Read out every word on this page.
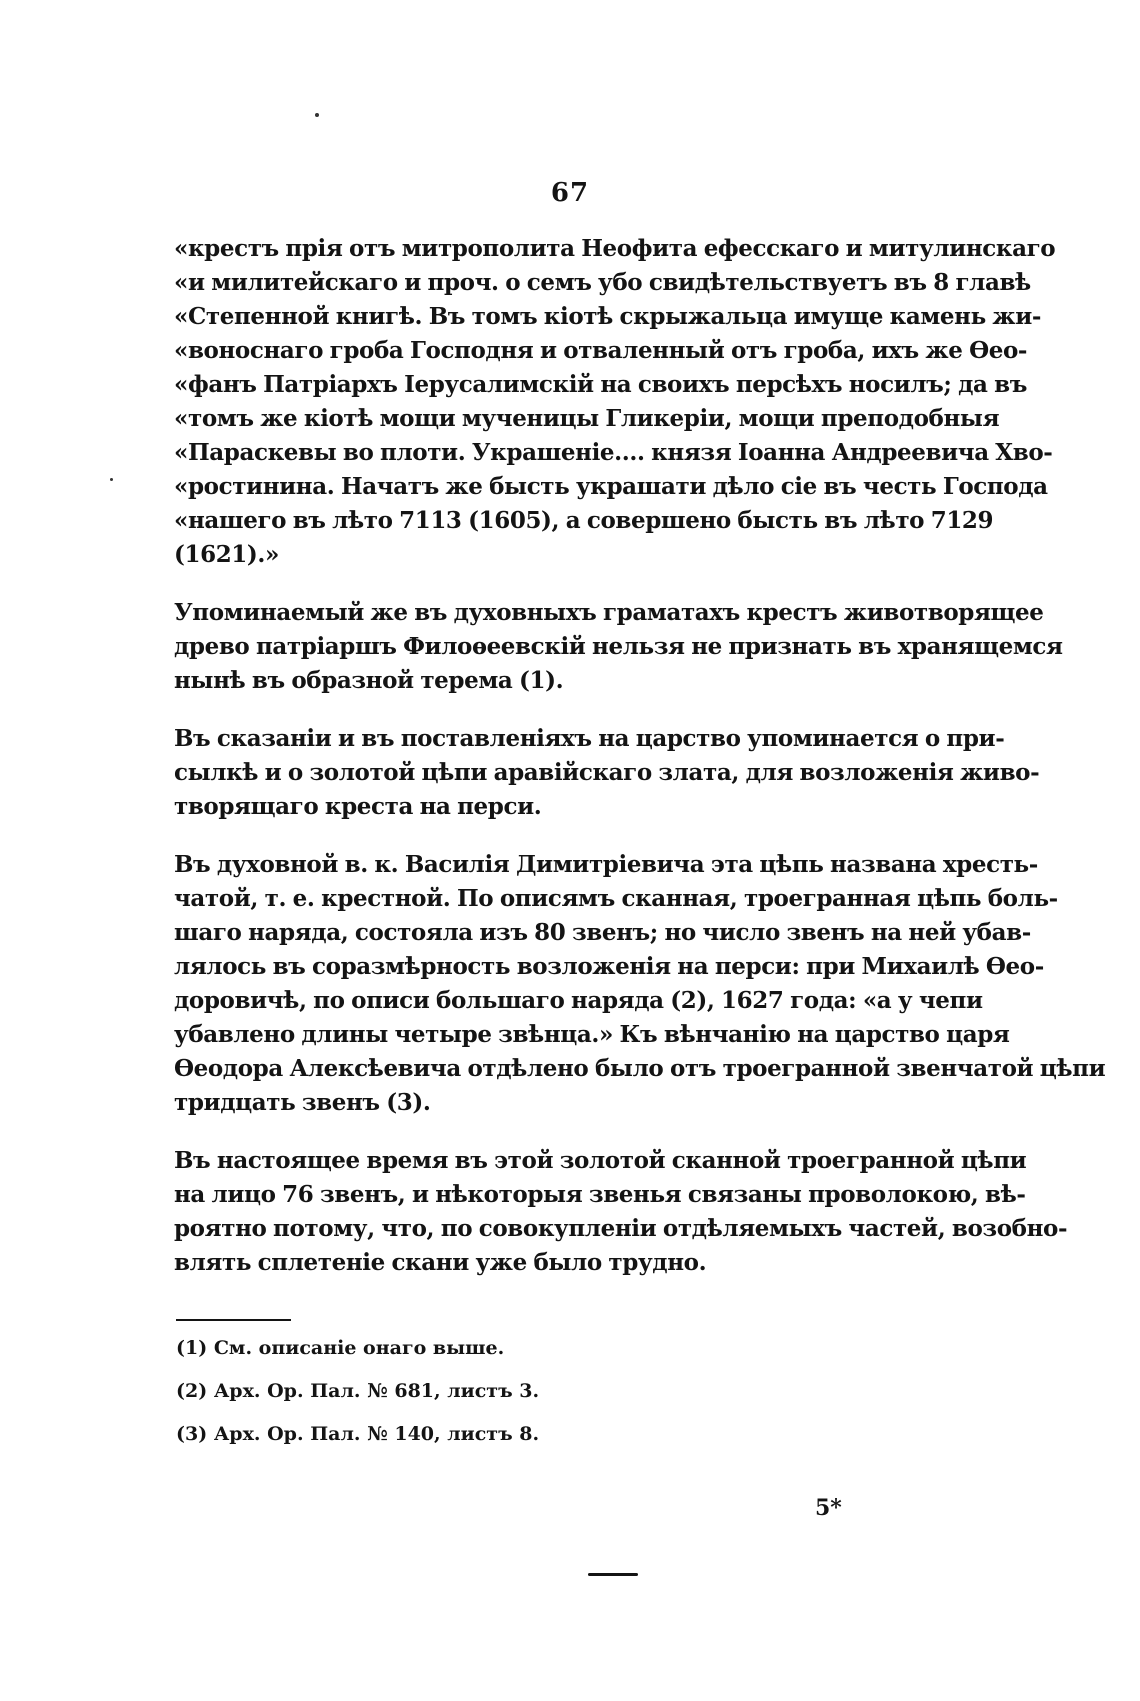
67
«крестъ прія отъ митрополита Неофита ефесскаго и митулинскаго
«и милитейскаго и проч. о семъ убо свидѣтельствуетъ въ 8 главѣ
«Степенной книгѣ. Въ томъ кіотѣ скрыжальца имуще камень жи-
«воноснаго гроба Господня и отваленный отъ гроба, ихъ же Ѳео-
«фанъ Патріархъ Іерусалимскій на своихъ персѣхъ носилъ; да въ
«томъ же кіотѣ мощи мученицы Гликеріи, мощи преподобныя
«Параскевы во плоти. Украшеніе.... князя Іоанна Андреевича Хво-
«ростинина. Начатъ же бысть украшати дѣло сіе въ честь Господа
«нашего въ лѣто 7113 (1605), а совершено бысть въ лѣто 7129
(1621).»
Упоминаемый же въ духовныхъ граматахъ крестъ животворящее
древо патріаршъ Филоѳеевскій нельзя не признать въ хранящемся
нынѣ въ образной терема (1).
Въ сказаніи и въ поставленіяхъ на царство упоминается о при-
сылкѣ и о золотой цѣпи аравійскаго злата, для возложенія живо-
творящаго креста на перси.
Въ духовной в. к. Василія Димитріевича эта цѣпь названа хресть-
чатой, т. е. крестной. По описямъ сканная, троегранная цѣпь боль-
шаго наряда, состояла изъ 80 звенъ; но число звенъ на ней убав-
лялось въ соразмѣрность возложенія на перси: при Михаилѣ Ѳео-
доровичѣ, по описи большаго наряда (2), 1627 года: «а у чепи
убавлено длины четыре звѣнца.» Къ вѣнчанію на царство царя
Ѳеодора Алексѣевича отдѣлено было отъ троегранной звенчатой цѣпи
тридцать звенъ (3).
Въ настоящее время въ этой золотой сканной троегранной цѣпи
на лицо 76 звенъ, и нѣкоторыя звенья связаны проволокою, вѣ-
роятно потому, что, по совокупленіи отдѣляемыхъ частей, возобно-
влять сплетеніе скани уже было трудно.
(1) См. описаніе онаго выше.
(2) Арх. Ор. Пал. № 681, листъ 3.
(3) Арх. Ор. Пал. № 140, листъ 8.
5*
